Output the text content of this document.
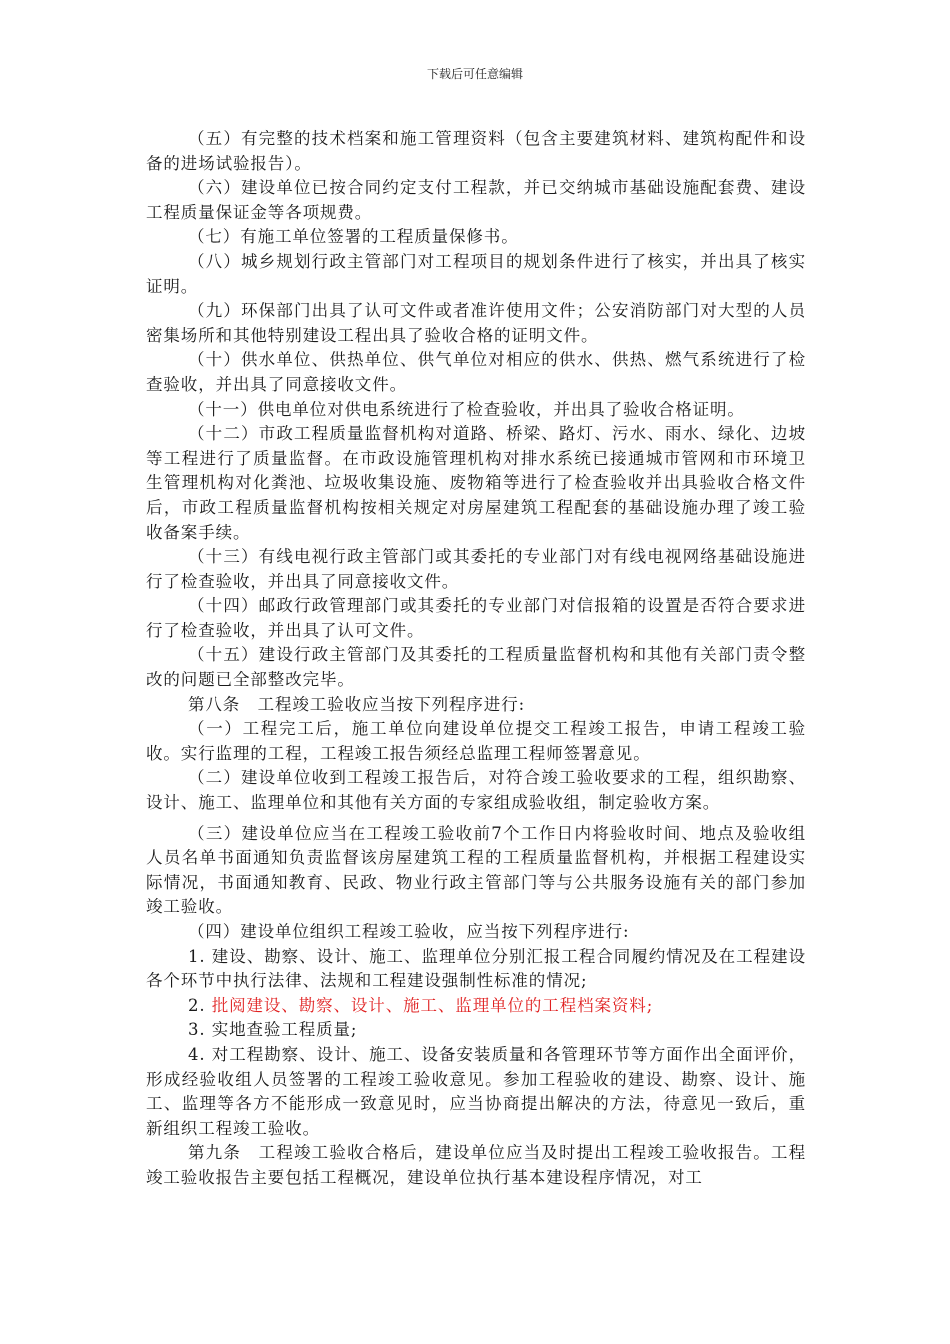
下载后可任意编辑

（五）有完整的技术档案和施工管理资料（包含主要建筑材料、建筑构配件和设备的进场试验报告）。

（六）建设单位已按合同约定支付工程款，并已交纳城市基础设施配套费、建设工程质量保证金等各项规费。

（七）有施工单位签署的工程质量保修书。

（八）城乡规划行政主管部门对工程项目的规划条件进行了核实，并出具了核实证明。

（九）环保部门出具了认可文件或者准许使用文件；公安消防部门对大型的人员密集场所和其他特别建设工程出具了验收合格的证明文件。

（十）供水单位、供热单位、供气单位对相应的供水、供热、燃气系统进行了检查验收，并出具了同意接收文件。

（十一）供电单位对供电系统进行了检查验收，并出具了验收合格证明。

（十二）市政工程质量监督机构对道路、桥梁、路灯、污水、雨水、绿化、边坡等工程进行了质量监督。在市政设施管理机构对排水系统已接通城市管网和市环境卫生管理机构对化粪池、垃圾收集设施、废物箱等进行了检查验收并出具验收合格文件后，市政工程质量监督机构按相关规定对房屋建筑工程配套的基础设施办理了竣工验收备案手续。

（十三）有线电视行政主管部门或其委托的专业部门对有线电视网络基础设施进行了检查验收，并出具了同意接收文件。

（十四）邮政行政管理部门或其委托的专业部门对信报箱的设置是否符合要求进行了检查验收，并出具了认可文件。

（十五）建设行政主管部门及其委托的工程质量监督机构和其他有关部门责令整改的问题已全部整改完毕。

第八条　工程竣工验收应当按下列程序进行:

（一）工程完工后，施工单位向建设单位提交工程竣工报告，申请工程竣工验收。实行监理的工程，工程竣工报告须经总监理工程师签署意见。

（二）建设单位收到工程竣工报告后，对符合竣工验收要求的工程，组织勘察、设计、施工、监理单位和其他有关方面的专家组成验收组，制定验收方案。

（三）建设单位应当在工程竣工验收前7个工作日内将验收时间、地点及验收组人员名单书面通知负责监督该房屋建筑工程的工程质量监督机构，并根据工程建设实际情况，书面通知教育、民政、物业行政主管部门等与公共服务设施有关的部门参加竣工验收。

（四）建设单位组织工程竣工验收，应当按下列程序进行:

1. 建设、勘察、设计、施工、监理单位分别汇报工程合同履约情况及在工程建设各个环节中执行法律、法规和工程建设强制性标准的情况;

2. 批阅建设、勘察、设计、施工、监理单位的工程档案资料;

3. 实地查验工程质量;

4. 对工程勘察、设计、施工、设备安装质量和各管理环节等方面作出全面评价，形成经验收组人员签署的工程竣工验收意见。参加工程验收的建设、勘察、设计、施工、监理等各方不能形成一致意见时，应当协商提出解决的方法，待意见一致后，重新组织工程竣工验收。

第九条　工程竣工验收合格后，建设单位应当及时提出工程竣工验收报告。工程竣工验收报告主要包括工程概况，建设单位执行基本建设程序情况，对工
